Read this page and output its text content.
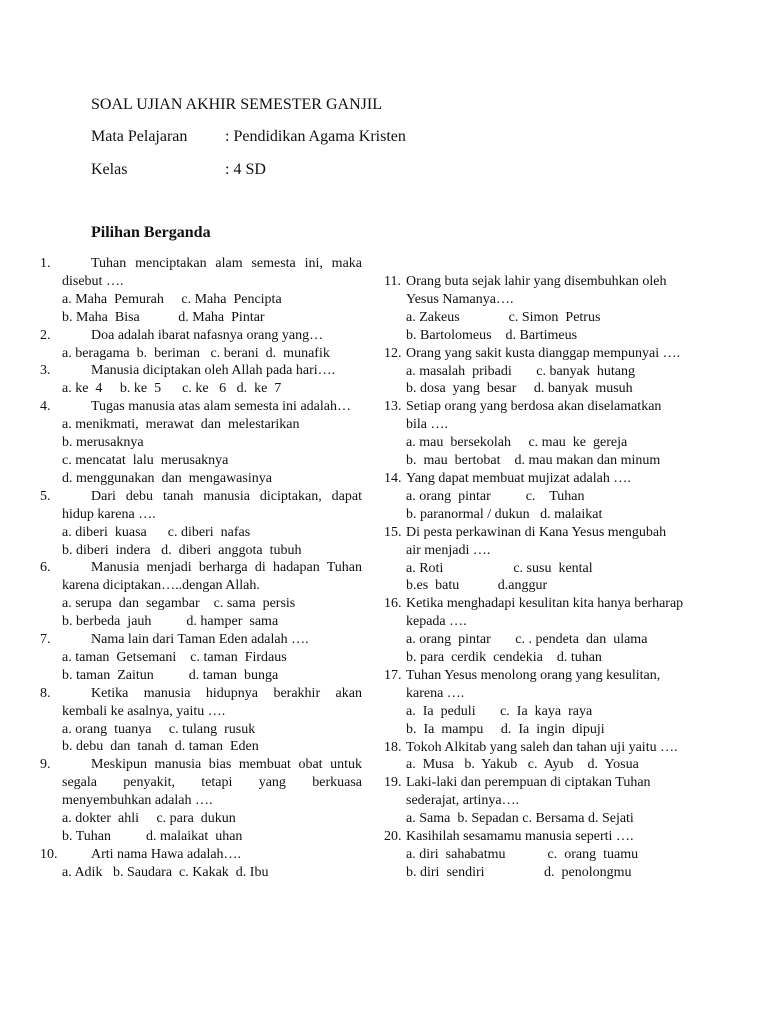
SOAL UJIAN AKHIR SEMESTER GANJIL
Mata Pelajaran : Pendidikan Agama Kristen
Kelas	: 4 SD
Pilihan Berganda
1.	Tuhan menciptakan alam semesta ini, maka disebut ….
a. Maha  Pemurah     c. Maha  Pencipta
b. Maha  Bisa           d. Maha  Pintar
2.	Doa adalah ibarat nafasnya orang yang…
a. beragama  b.  beriman   c. berani  d.  munafik
3.	Manusia diciptakan oleh Allah pada hari….
a. ke  4     b. ke  5      c. ke   6   d.  ke  7
4.	Tugas manusia atas alam semesta ini adalah…
a. menikmati,  merawat  dan  melestarikan
b. merusaknya
c. mencatat  lalu  merusaknya
d. menggunakan  dan  mengawasinya
5.	Dari debu tanah manusia diciptakan, dapat hidup karena ….
a. diberi  kuasa      c. diberi  nafas
b. diberi  indera   d.  diberi  anggota  tubuh
6.	Manusia menjadi berharga di hadapan Tuhan karena diciptakan…..dengan Allah.
a. serupa  dan  segambar    c. sama  persis
b. berbeda  jauh          d. hamper  sama
7.	Nama lain dari Taman Eden adalah ….
a. taman  Getsemani    c. taman  Firdaus
b. taman  Zaitun          d. taman  bunga
8.	Ketika manusia hidupnya berakhir akan kembali ke asalnya, yaitu ….
a. orang  tuanya     c. tulang  rusuk
b. debu  dan  tanah  d. taman  Eden
9.	Meskipun manusia bias membuat obat untuk segala penyakit, tetapi yang berkuasa menyembuhkan adalah ….
a. dokter  ahli     c. para  dukun
b. Tuhan          d. malaikat  uhan
10.	Arti nama Hawa adalah….
a. Adik   b. Saudara  c. Kakak  d. Ibu
11. Orang buta sejak lahir yang disembuhkan oleh Yesus Namanya….
a. Zakeus              c. Simon  Petrus
b. Bartolomeus    d. Bartimeus
12. Orang yang sakit kusta dianggap mempunyai ….
a. masalah  pribadi       c. banyak  hutang
b. dosa  yang  besar     d. banyak  musuh
13. Setiap orang yang berdosa akan diselamatkan bila ….
a. mau  bersekolah     c. mau  ke  gereja
b.  mau  bertobat    d. mau makan dan minum
14. Yang dapat membuat mujizat adalah ….
a. orang  pintar          c.    Tuhan
b. paranormal / dukun   d. malaikat
15. Di pesta perkawinan di Kana Yesus mengubah air menjadi ….
a. Roti                    c. susu  kental
b.es  batu           d.anggur
16. Ketika menghadapi kesulitan kita hanya berharap kepada ….
a. orang  pintar       c. . pendeta  dan  ulama
b. para  cerdik  cendekia    d. tuhan
17. Tuhan Yesus menolong orang yang kesulitan, karena ….
a.  Ia  peduli       c.  Ia  kaya  raya
b.  Ia  mampu     d.  Ia  ingin  dipuji
18. Tokoh Alkitab yang saleh dan tahan uji yaitu ….
a.  Musa   b.  Yakub   c.  Ayub    d.  Yosua
19. Laki-laki dan perempuan di ciptakan Tuhan sederajat, artinya….
a. Sama  b. Sepadan c. Bersama d. Sejati
20. Kasihilah sesamamu manusia seperti ….
a. diri  sahabatmu            c.  orang  tuamu
b. diri  sendiri                 d.  penolongmu
